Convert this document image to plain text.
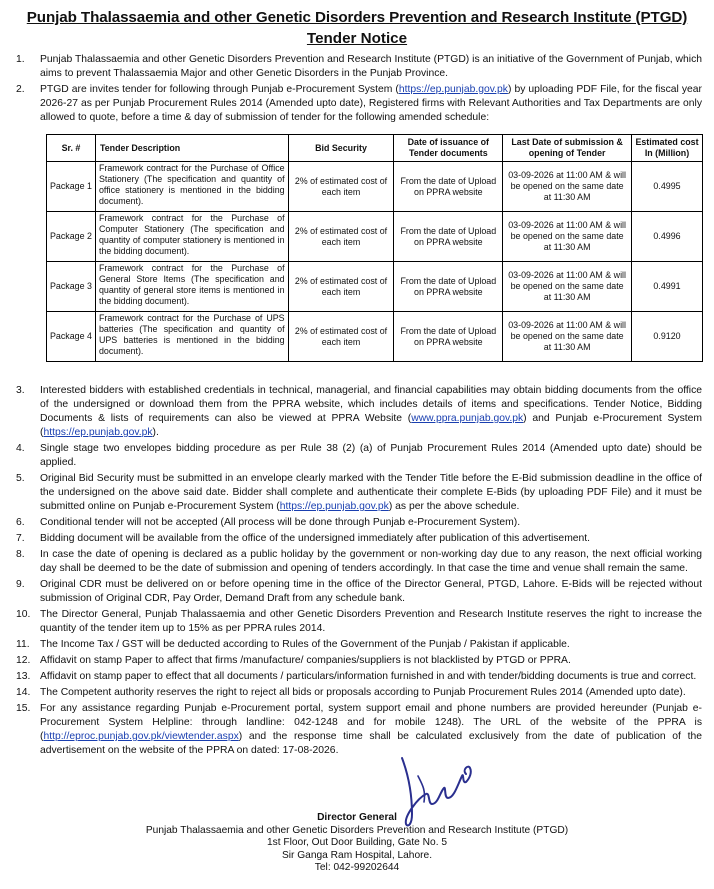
Punjab Thalassaemia and other Genetic Disorders Prevention and Research Institute (PTGD)
Tender Notice
1.	Punjab Thalassaemia and other Genetic Disorders Prevention and Research Institute (PTGD) is an initiative of the Government of Punjab, which aims to prevent Thalassaemia Major and other Genetic Disorders in the Punjab Province.
2.	PTGD are invites tender for following through Punjab e-Procurement System (https://ep.punjab.gov.pk) by uploading PDF File, for the fiscal year 2026-27 as per Punjab Procurement Rules 2014 (Amended upto date), Registered firms with Relevant Authorities and Tax Departments are only allowed to quote, before a time & day of submission of tender for the following amended schedule:
Sr. #	Tender Description	Bid Security	Date of issuance of Tender documents	Last Date of submission & opening of Tender	Estimated cost In (Million)
Package 1	Framework contract for the Purchase of Office Stationery (The specification and quantity of office stationery is mentioned in the bidding document).	2% of estimated cost of each item	From the date of Upload on PPRA website	03-09-2026 at 11:00 AM & will be opened on the same date at 11:30 AM	0.4995
Package 2	Framework contract for the Purchase of Computer Stationery (The specification and quantity of computer stationery is mentioned in the bidding document).	2% of estimated cost of each item	From the date of Upload on PPRA website	03-09-2026 at 11:00 AM & will be opened on the same date at 11:30 AM	0.4996
Package 3	Framework contract for the Purchase of General Store Items (The specification and quantity of general store items is mentioned in the bidding document).	2% of estimated cost of each item	From the date of Upload on PPRA website	03-09-2026 at 11:00 AM & will be opened on the same date at 11:30 AM	0.4991
Package 4	Framework contract for the Purchase of UPS batteries (The specification and quantity of UPS batteries is mentioned in the bidding document).	2% of estimated cost of each item	From the date of Upload on PPRA website	03-09-2026 at 11:00 AM & will be opened on the same date at 11:30 AM	0.9120
3.	Interested bidders with established credentials in technical, managerial, and financial capabilities may obtain bidding documents from the office of the undersigned or download them from the PPRA website, which includes details of items and specifications. Tender Notice, Bidding Documents & lists of requirements can also be viewed at PPRA Website (www.ppra.punjab.gov.pk) and Punjab e-Procurement System (https://ep.punjab.gov.pk).
4.	Single stage two envelopes bidding procedure as per Rule 38 (2) (a) of Punjab Procurement Rules 2014 (Amended upto date) should be applied.
5.	Original Bid Security must be submitted in an envelope clearly marked with the Tender Title before the E-Bid submission deadline in the office of the undersigned on the above said date. Bidder shall complete and authenticate their complete E-Bids (by uploading PDF File) and it must be submitted online on Punjab e-Procurement System (https://ep.punjab.gov.pk) as per the above schedule.
6.	Conditional tender will not be accepted (All process will be done through Punjab e-Procurement System).
7.	Bidding document will be available from the office of the undersigned immediately after publication of this advertisement.
8.	In case the date of opening is declared as a public holiday by the government or non-working day due to any reason, the next official working day shall be deemed to be the date of submission and opening of tenders accordingly. In that case the time and venue shall remain the same.
9.	Original CDR must be delivered on or before opening time in the office of the Director General, PTGD, Lahore. E-Bids will be rejected without submission of Original CDR, Pay Order, Demand Draft from any schedule bank.
10. The Director General, Punjab Thalassaemia and other Genetic Disorders Prevention and Research Institute reserves the right to increase the quantity of the tender item up to 15% as per PPRA rules 2014.
11.	The Income Tax / GST will be deducted according to Rules of the Government of the Punjab / Pakistan if applicable.
12. Affidavit on stamp Paper to affect that firms /manufacture/ companies/suppliers is not blacklisted by PTGD or PPRA.
13. Affidavit on stamp paper to effect that all documents / particulars/information furnished in and with tender/bidding documents is true and correct.
14. The Competent authority reserves the right to reject all bids or proposals according to Punjab Procurement Rules 2014 (Amended upto date).
15. For any assistance regarding Punjab e-Procurement portal, system support email and phone numbers are provided hereunder (Punjab e-Procurement System Helpline: through landline: 042-1248 and for mobile 1248). The URL of the website of the PPRA is (http://eproc.punjab.gov.pk/viewtender.aspx) and the response time shall be calculated exclusively from the date of publication of the advertisement on the website of the PPRA on dated: 17-08-2026.
Director General
Punjab Thalassaemia and other Genetic Disorders Prevention and Research Institute (PTGD)
1st Floor, Out Door Building, Gate No. 5
Sir Ganga Ram Hospital, Lahore.
Tel: 042-99202644
